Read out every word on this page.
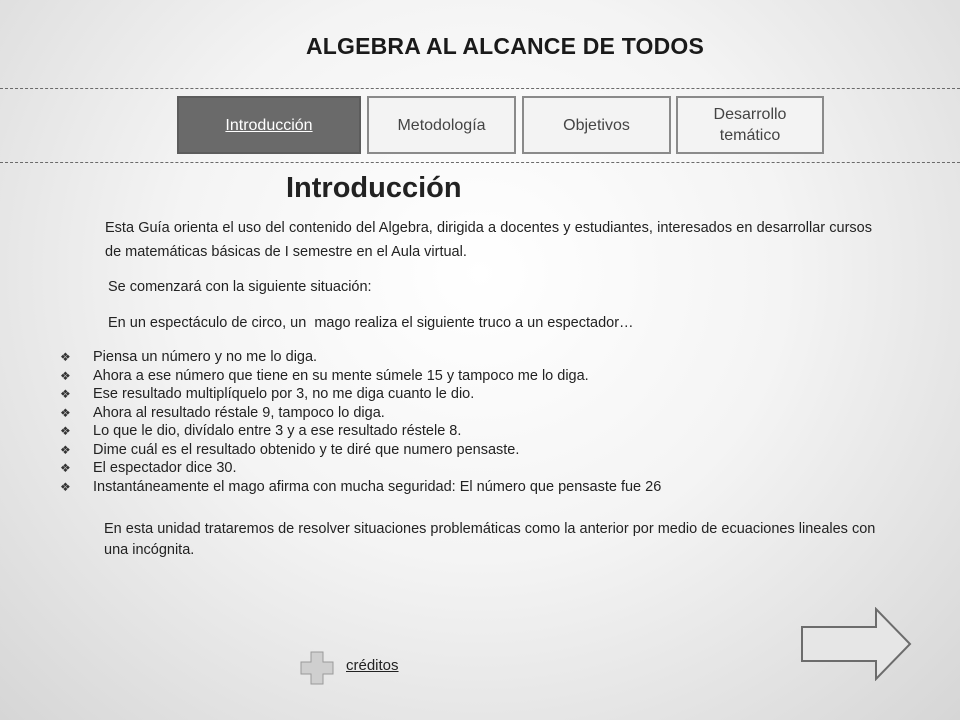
ALGEBRA AL ALCANCE DE TODOS
Introducción	Metodología	Objetivos
Desarrollo temático
Introducción
Esta Guía orienta el uso del contenido del Algebra, dirigida a docentes y estudiantes, interesados en desarrollar cursos de matemáticas básicas de I semestre en el Aula virtual.
Se comenzará con la siguiente situación:
En un espectáculo de circo, un  mago realiza el siguiente truco a un espectador…
❖	Piensa un número y no me lo diga.
❖	Ahora a ese número que tiene en su mente súmele 15 y tampoco me lo diga.
❖	Ese resultado multiplíquelo por 3, no me diga cuanto le dio.
❖	Ahora al resultado réstale 9, tampoco lo diga.
❖	Lo que le dio, divídalo entre 3 y a ese resultado réstele 8.
❖	Dime cuál es el resultado obtenido y te diré que numero pensaste.
❖	El espectador dice 30.
❖	Instantáneamente el mago afirma con mucha seguridad: El número que pensaste fue 26
En esta unidad trataremos de resolver situaciones problemáticas como la anterior por medio de ecuaciones lineales con una incógnita.
créditos
